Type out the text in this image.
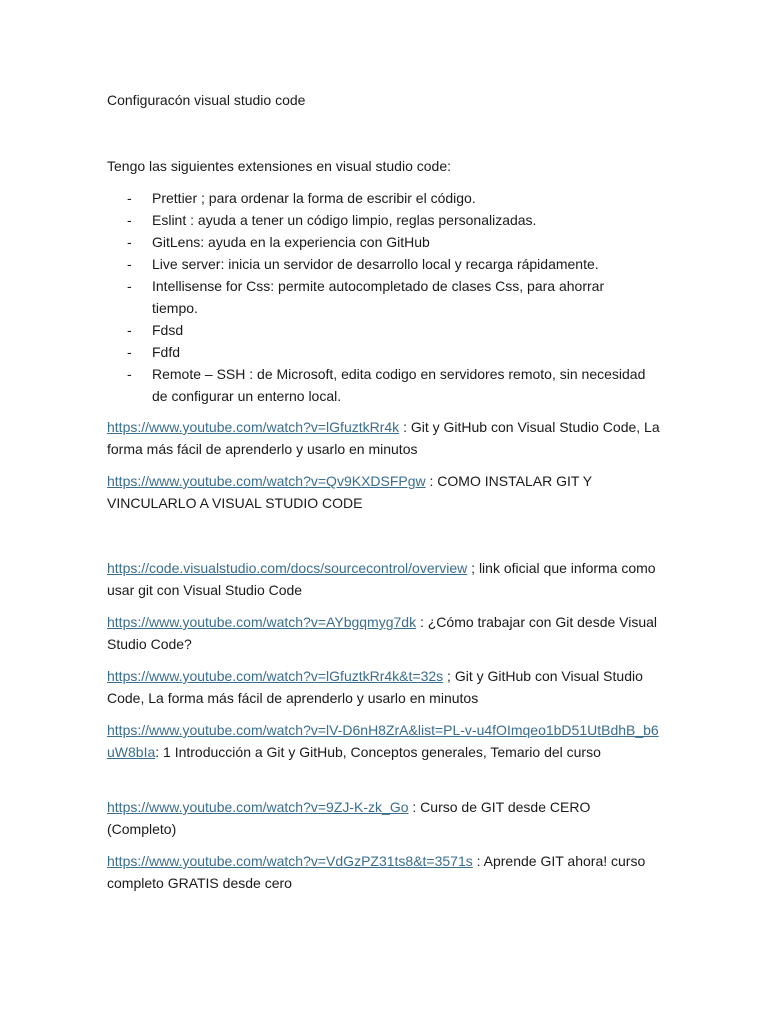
Configuracón visual studio code

Tengo las siguientes extensiones en visual studio code:

- Prettier ; para ordenar la forma de escribir el código.
- Eslint : ayuda a tener un código limpio, reglas personalizadas.
- GitLens: ayuda en la experiencia con GitHub
- Live server: inicia un servidor de desarrollo local y recarga rápidamente.
- Intellisense for Css: permite autocompletado de clases Css, para ahorrar tiempo.
- Fdsd
- Fdfd
- Remote – SSH : de Microsoft, edita codigo en servidores remoto, sin necesidad de configurar un enterno local.

https://www.youtube.com/watch?v=lGfuztkRr4k : Git y GitHub con Visual Studio Code, La forma más fácil de aprenderlo y usarlo en minutos

https://www.youtube.com/watch?v=Qv9KXDSFPgw : COMO INSTALAR GIT Y VINCULARLO A VISUAL STUDIO CODE

https://code.visualstudio.com/docs/sourcecontrol/overview ; link oficial que informa como usar git con Visual Studio Code

https://www.youtube.com/watch?v=AYbgqmyg7dk : ¿Cómo trabajar con Git desde Visual Studio Code?

https://www.youtube.com/watch?v=lGfuztkRr4k&t=32s ; Git y GitHub con Visual Studio Code, La forma más fácil de aprenderlo y usarlo en minutos

https://www.youtube.com/watch?v=lV-D6nH8ZrA&list=PL-v-u4fOImqeo1bD51UtBdhB_b6uW8bIa: 1 Introducción a Git y GitHub, Conceptos generales, Temario del curso

https://www.youtube.com/watch?v=9ZJ-K-zk_Go : Curso de GIT desde CERO (Completo)

https://www.youtube.com/watch?v=VdGzPZ31ts8&t=3571s : Aprende GIT ahora! curso completo GRATIS desde cero
